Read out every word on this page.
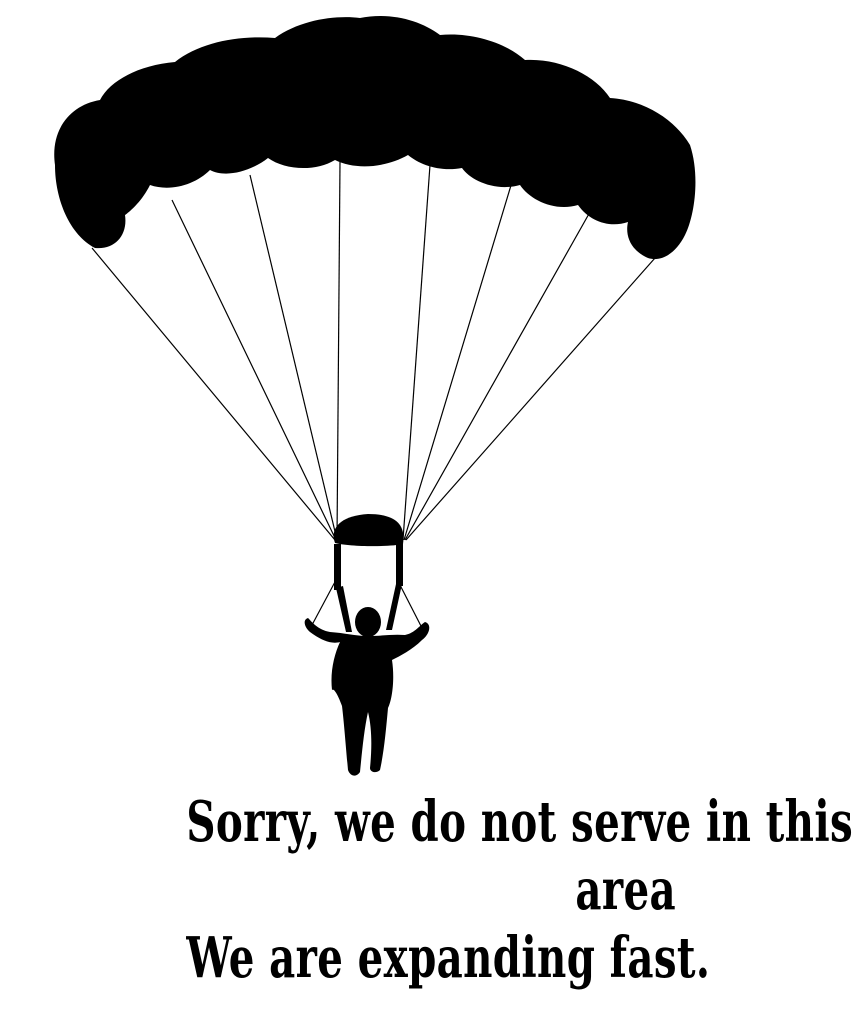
Sorry, we do not serve in this
area
We are expanding fast.
